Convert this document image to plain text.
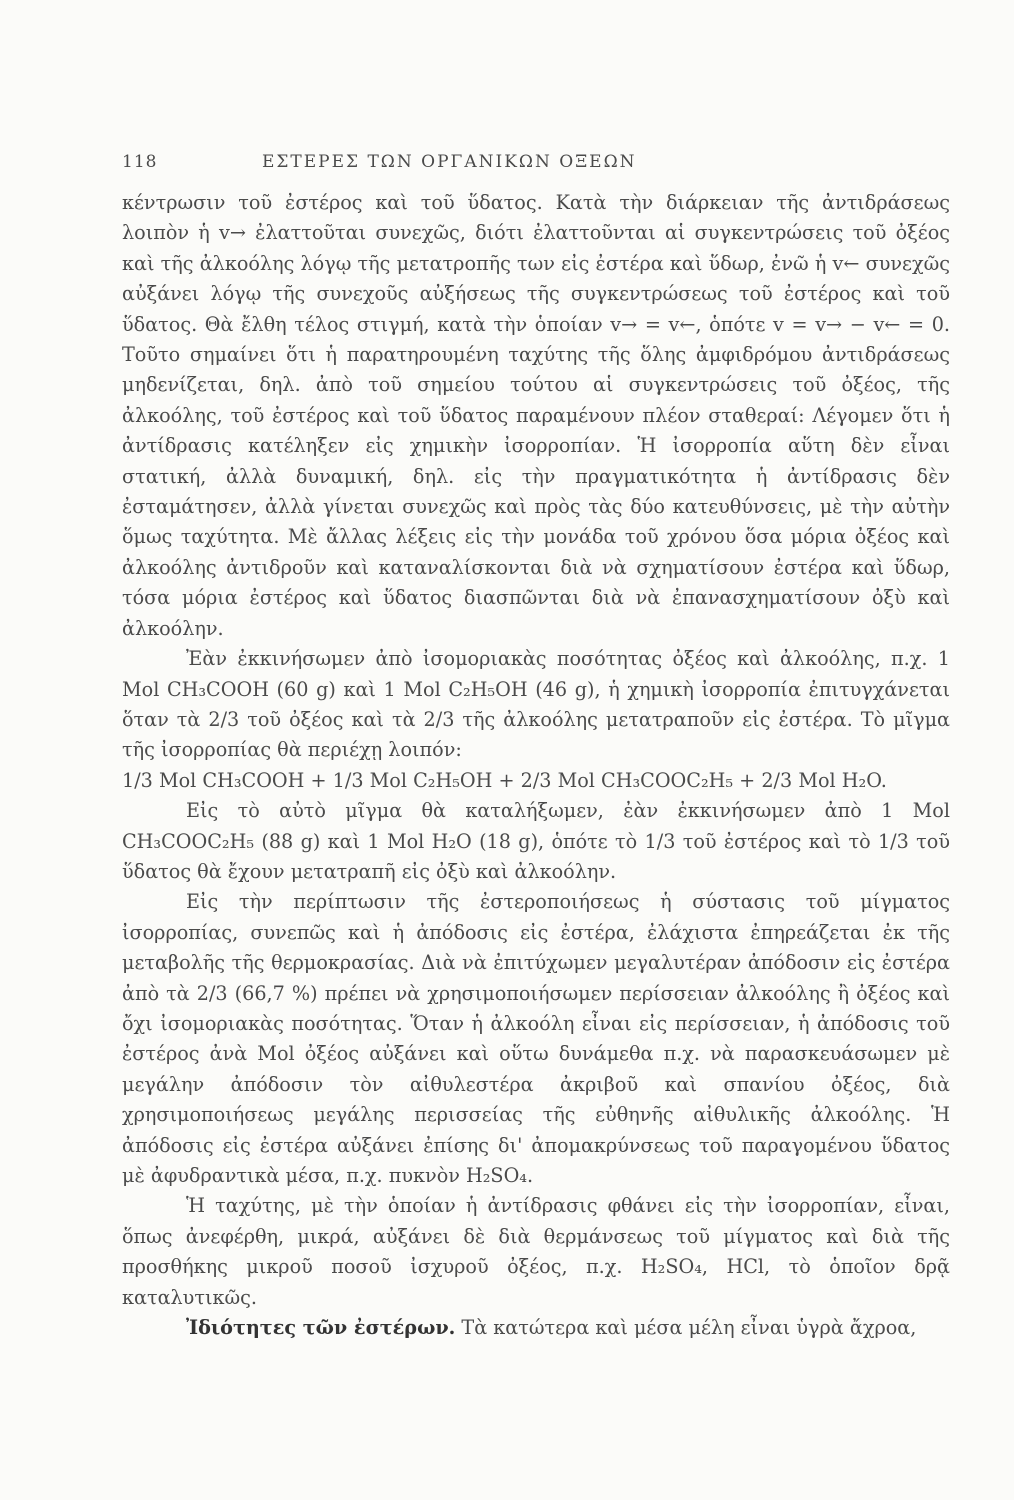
118	ΕΣΤΕΡΕΣ ΤΩΝ ΟΡΓΑΝΙΚΩΝ ΟΞΕΩΝ

κέντρωσιν τοῦ ἐστέρος καὶ τοῦ ὕδατος. Κατὰ τὴν διάρκειαν τῆς ἀντιδράσεως λοιπὸν ἡ v→ ἐλαττοῦται συνεχῶς, διότι ἐλαττοῦνται αἱ συγκεντρώσεις τοῦ ὀξέος καὶ τῆς ἀλκοόλης λόγῳ τῆς μετατροπῆς των εἰς ἐστέρα καὶ ὕδωρ, ἐνῶ ἡ v← συνεχῶς αὐξάνει λόγῳ τῆς συνεχοῦς αὐξήσεως τῆς συγκεντρώσεως τοῦ ἐστέρος καὶ τοῦ ὕδατος. Θὰ ἔλθη τέλος στιγμή, κατὰ τὴν ὁποίαν v→ = v←, ὁπότε v = v→ − v← = 0. Τοῦτο σημαίνει ὅτι ἡ παρατηρουμένη ταχύτης τῆς ὅλης ἀμφιδρόμου ἀντιδράσεως μηδενίζεται, δηλ. ἀπὸ τοῦ σημείου τούτου αἱ συγκεντρώσεις τοῦ ὀξέος, τῆς ἀλκοόλης, τοῦ ἐστέρος καὶ τοῦ ὕδατος παραμένουν πλέον σταθεραί: Λέγομεν ὅτι ἡ ἀντίδρασις κατέληξεν εἰς χημικὴν ἰσορροπίαν. Ἡ ἰσορροπία αὕτη δὲν εἶναι στατική, ἀλλὰ δυναμική, δηλ. εἰς τὴν πραγματικότητα ἡ ἀντίδρασις δὲν ἐσταμάτησεν, ἀλλὰ γίνεται συνεχῶς καὶ πρὸς τὰς δύο κατευθύνσεις, μὲ τὴν αὐτὴν ὅμως ταχύτητα. Μὲ ἄλλας λέξεις εἰς τὴν μονάδα τοῦ χρόνου ὅσα μόρια ὀξέος καὶ ἀλκοόλης ἀντιδροῦν καὶ καταναλίσκονται διὰ νὰ σχηματίσουν ἐστέρα καὶ ὕδωρ, τόσα μόρια ἐστέρος καὶ ὕδατος διασπῶνται διὰ νὰ ἐπανασχηματίσουν ὀξὺ καὶ ἀλκοόλην.

Ἐὰν ἐκκινήσωμεν ἀπὸ ἰσομοριακὰς ποσότητας ὀξέος καὶ ἀλκοόλης, π.χ. 1 Mol CH₃COOH (60 g) καὶ 1 Mol C₂H₅OH (46 g), ἡ χημικὴ ἰσορροπία ἐπιτυγχάνεται ὅταν τὰ 2/3 τοῦ ὀξέος καὶ τὰ 2/3 τῆς ἀλκοόλης μετατραποῦν εἰς ἐστέρα. Τὸ μῖγμα τῆς ἰσορροπίας θὰ περιέχῃ λοιπόν:

1/3 Mol CH₃COOH + 1/3 Mol C₂H₅OH + 2/3 Mol CH₃COOC₂H₅ + 2/3 Mol H₂O.

Εἰς τὸ αὐτὸ μῖγμα θὰ καταλήξωμεν, ἐὰν ἐκκινήσωμεν ἀπὸ 1 Mol CH₃COOC₂H₅ (88 g) καὶ 1 Mol H₂O (18 g), ὁπότε τὸ 1/3 τοῦ ἐστέρος καὶ τὸ 1/3 τοῦ ὕδατος θὰ ἔχουν μετατραπῆ εἰς ὀξὺ καὶ ἀλκοόλην.

Εἰς τὴν περίπτωσιν τῆς ἐστεροποιήσεως ἡ σύστασις τοῦ μίγματος ἰσορροπίας, συνεπῶς καὶ ἡ ἀπόδοσις εἰς ἐστέρα, ἐλάχιστα ἐπηρεάζεται ἐκ τῆς μεταβολῆς τῆς θερμοκρασίας. Διὰ νὰ ἐπιτύχωμεν μεγαλυτέραν ἀπόδοσιν εἰς ἐστέρα ἀπὸ τὰ 2/3 (66,7 %) πρέπει νὰ χρησιμοποιήσωμεν περίσσειαν ἀλκοόλης ἢ ὀξέος καὶ ὄχι ἰσομοριακὰς ποσότητας. Ὅταν ἡ ἀλκοόλη εἶναι εἰς περίσσειαν, ἡ ἀπόδοσις τοῦ ἐστέρος ἀνὰ Mol ὀξέος αὐξάνει καὶ οὕτω δυνάμεθα π.χ. νὰ παρασκευάσωμεν μὲ μεγάλην ἀπόδοσιν τὸν αἰθυλεστέρα ἀκριβοῦ καὶ σπανίου ὀξέος, διὰ χρησιμοποιήσεως μεγάλης περισσείας τῆς εὐθηνῆς αἰθυλικῆς ἀλκοόλης. Ἡ ἀπόδοσις εἰς ἐστέρα αὐξάνει ἐπίσης δι' ἀπομακρύνσεως τοῦ παραγομένου ὕδατος μὲ ἀφυδραντικὰ μέσα, π.χ. πυκνὸν H₂SO₄.

Ἡ ταχύτης, μὲ τὴν ὁποίαν ἡ ἀντίδρασις φθάνει εἰς τὴν ἰσορροπίαν, εἶναι, ὅπως ἀνεφέρθη, μικρά, αὐξάνει δὲ διὰ θερμάνσεως τοῦ μίγματος καὶ διὰ τῆς προσθήκης μικροῦ ποσοῦ ἰσχυροῦ ὀξέος, π.χ. H₂SO₄, HCl, τὸ ὁποῖον δρᾷ καταλυτικῶς.

Ἰδιότητες τῶν ἐστέρων. Τὰ κατώτερα καὶ μέσα μέλη εἶναι ὑγρὰ ἄχροα,
